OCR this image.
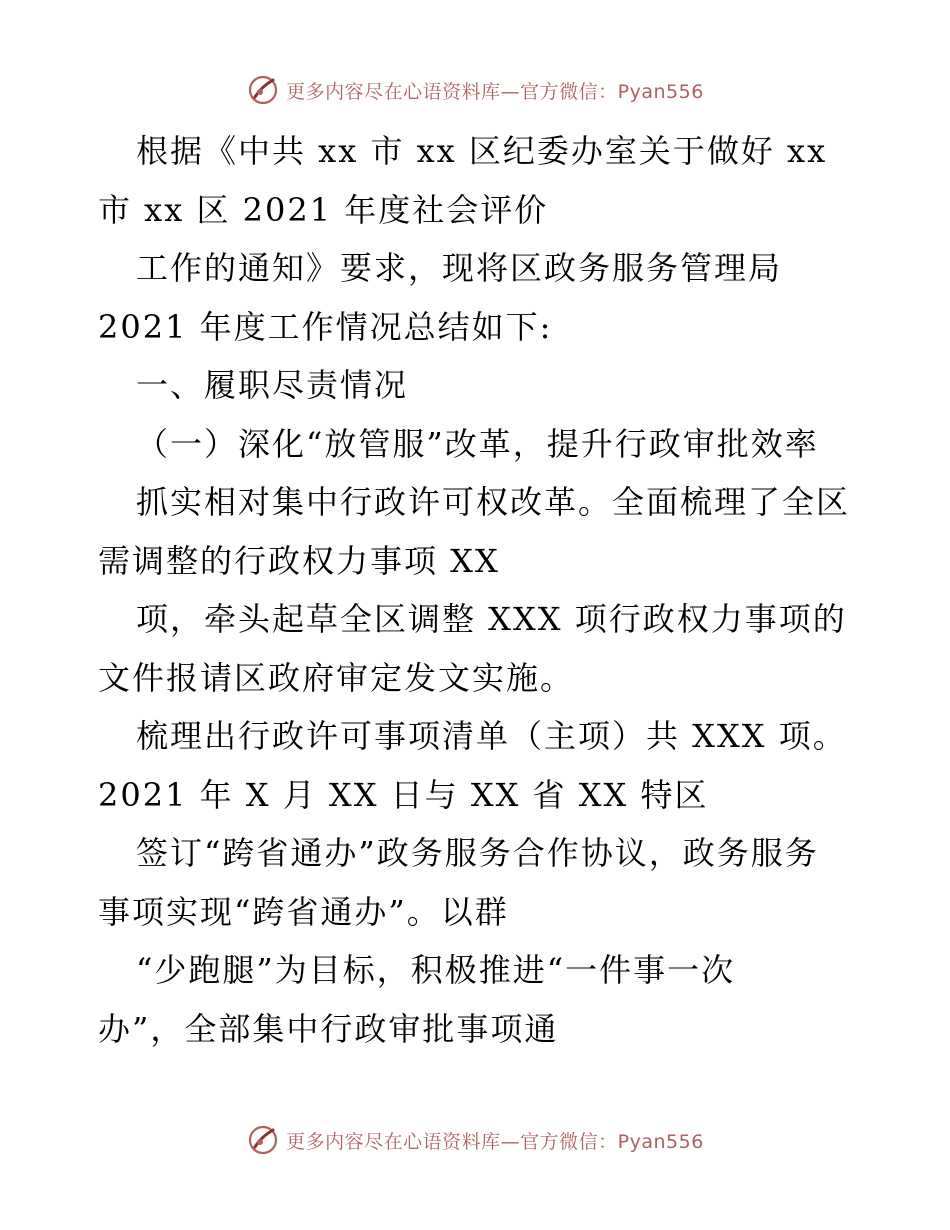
更多内容尽在心语资料库—官方微信：Pyan556
根据《中共 xx 市 xx 区纪委办室关于做好 xx
市 xx 区 2021 年度社会评价
工作的通知》要求，现将区政务服务管理局
2021 年度工作情况总结如下:
一、履职尽责情况
（一）深化“放管服”改革，提升行政审批效率
抓实相对集中行政许可权改革。全面梳理了全区
需调整的行政权力事项 XX
项，牵头起草全区调整 XXX 项行政权力事项的
文件报请区政府审定发文实施。
梳理出行政许可事项清单（主项）共 XXX 项。
2021 年 X 月 XX 日与 XX 省 XX 特区
签订“跨省通办”政务服务合作协议，政务服务
事项实现“跨省通办”。以群
“少跑腿”为目标，积极推进“一件事一次
办”，全部集中行政审批事项通
更多内容尽在心语资料库—官方微信：Pyan556
